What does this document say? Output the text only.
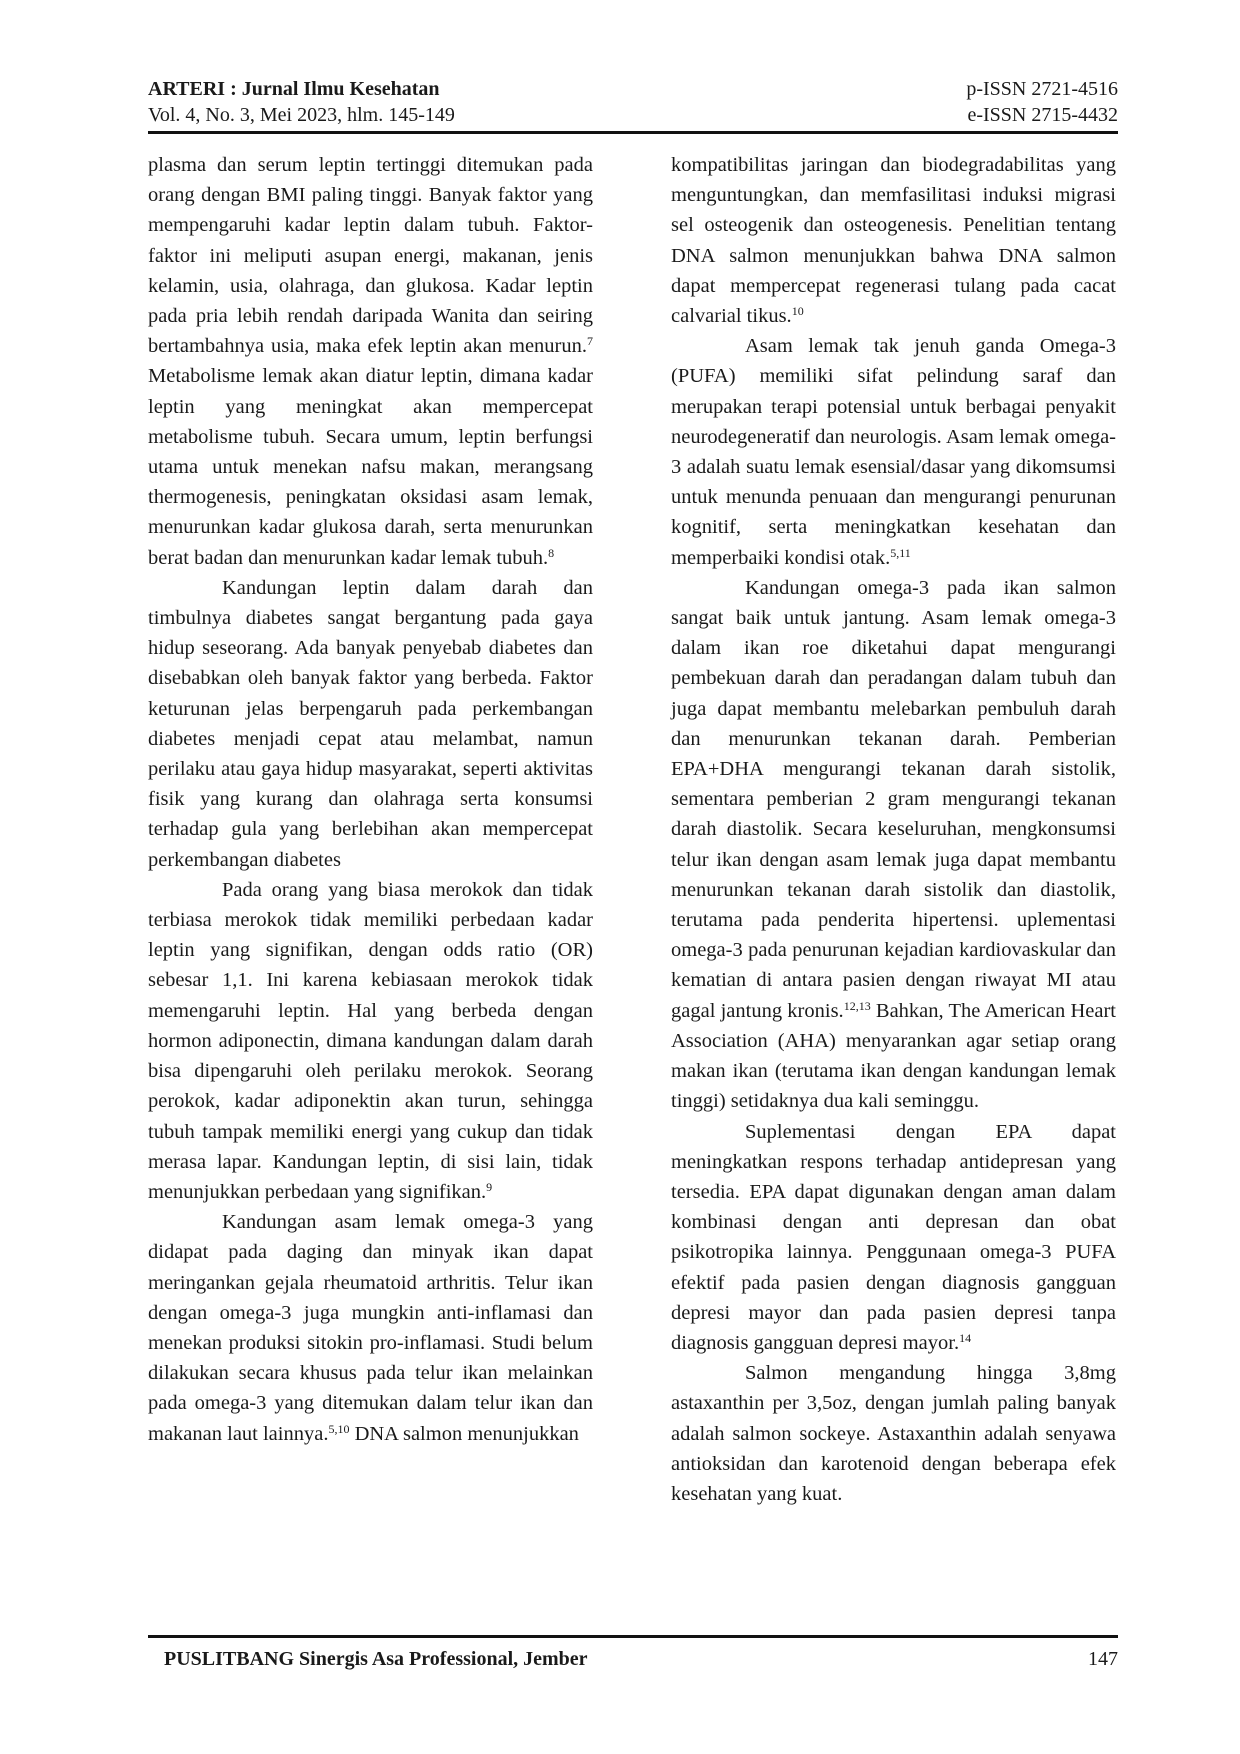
ARTERI : Jurnal Ilmu Kesehatan	p-ISSN 2721-4516
Vol. 4, No. 3, Mei 2023, hlm. 145-149	e-ISSN 2715-4432

plasma dan serum leptin tertinggi ditemukan pada orang dengan BMI paling tinggi. Banyak faktor yang mempengaruhi kadar leptin dalam tubuh. Faktor-faktor ini meliputi asupan energi, makanan, jenis kelamin, usia, olahraga, dan glukosa. Kadar leptin pada pria lebih rendah daripada Wanita dan seiring bertambahnya usia, maka efek leptin akan menurun.$^7$ Metabolisme lemak akan diatur leptin, dimana kadar leptin yang meningkat akan mempercepat metabolisme tubuh. Secara umum, leptin berfungsi utama untuk menekan nafsu makan, merangsang thermogenesis, peningkatan oksidasi asam lemak, menurunkan kadar glukosa darah, serta menurunkan berat badan dan menurunkan kadar lemak tubuh.$^8$

Kandungan leptin dalam darah dan timbulnya diabetes sangat bergantung pada gaya hidup seseorang. Ada banyak penyebab diabetes dan disebabkan oleh banyak faktor yang berbeda. Faktor keturunan jelas berpengaruh pada perkembangan diabetes menjadi cepat atau melambat, namun perilaku atau gaya hidup masyarakat, seperti aktivitas fisik yang kurang dan olahraga serta konsumsi terhadap gula yang berlebihan akan mempercepat perkembangan diabetes

Pada orang yang biasa merokok dan tidak terbiasa merokok tidak memiliki perbedaan kadar leptin yang signifikan, dengan odds ratio (OR) sebesar 1,1. Ini karena kebiasaan merokok tidak memengaruhi leptin. Hal yang berbeda dengan hormon adiponectin, dimana kandungan dalam darah bisa dipengaruhi oleh perilaku merokok. Seorang perokok, kadar adiponektin akan turun, sehingga tubuh tampak memiliki energi yang cukup dan tidak merasa lapar. Kandungan leptin, di sisi lain, tidak menunjukkan perbedaan yang signifikan.$^9$

Kandungan asam lemak omega-3 yang didapat pada daging dan minyak ikan dapat meringankan gejala rheumatoid arthritis. Telur ikan dengan omega-3 juga mungkin anti-inflamasi dan menekan produksi sitokin pro-inflamasi. Studi belum dilakukan secara khusus pada telur ikan melainkan pada omega-3 yang ditemukan dalam telur ikan dan makanan laut lainnya.$^{5,10}$ DNA salmon menunjukkan

kompatibilitas jaringan dan biodegradabilitas yang menguntungkan, dan memfasilitasi induksi migrasi sel osteogenik dan osteogenesis. Penelitian tentang DNA salmon menunjukkan bahwa DNA salmon dapat mempercepat regenerasi tulang pada cacat calvarial tikus.$^{10}$

Asam lemak tak jenuh ganda Omega-3 (PUFA) memiliki sifat pelindung saraf dan merupakan terapi potensial untuk berbagai penyakit neurodegeneratif dan neurologis. Asam lemak omega-3 adalah suatu lemak esensial/dasar yang dikomsumsi untuk menunda penuaan dan mengurangi penurunan kognitif, serta meningkatkan kesehatan dan memperbaiki kondisi otak.$^{5,11}$

Kandungan omega-3 pada ikan salmon sangat baik untuk jantung. Asam lemak omega-3 dalam ikan roe diketahui dapat mengurangi pembekuan darah dan peradangan dalam tubuh dan juga dapat membantu melebarkan pembuluh darah dan menurunkan tekanan darah. Pemberian EPA+DHA mengurangi tekanan darah sistolik, sementara pemberian 2 gram mengurangi tekanan darah diastolik. Secara keseluruhan, mengkonsumsi telur ikan dengan asam lemak juga dapat membantu menurunkan tekanan darah sistolik dan diastolik, terutama pada penderita hipertensi. uplementasi omega-3 pada penurunan kejadian kardiovaskular dan kematian di antara pasien dengan riwayat MI atau gagal jantung kronis.$^{12,13}$ Bahkan, The American Heart Association (AHA) menyarankan agar setiap orang makan ikan (terutama ikan dengan kandungan lemak tinggi) setidaknya dua kali seminggu.

Suplementasi dengan EPA dapat meningkatkan respons terhadap antidepresan yang tersedia. EPA dapat digunakan dengan aman dalam kombinasi dengan anti depresan dan obat psikotropika lainnya. Penggunaan omega-3 PUFA efektif pada pasien dengan diagnosis gangguan depresi mayor dan pada pasien depresi tanpa diagnosis gangguan depresi mayor.$^{14}$

Salmon mengandung hingga 3,8mg astaxanthin per 3,5oz, dengan jumlah paling banyak adalah salmon sockeye. Astaxanthin adalah senyawa antioksidan dan karotenoid dengan beberapa efek kesehatan yang kuat.

PUSLITBANG Sinergis Asa Professional, Jember	147
